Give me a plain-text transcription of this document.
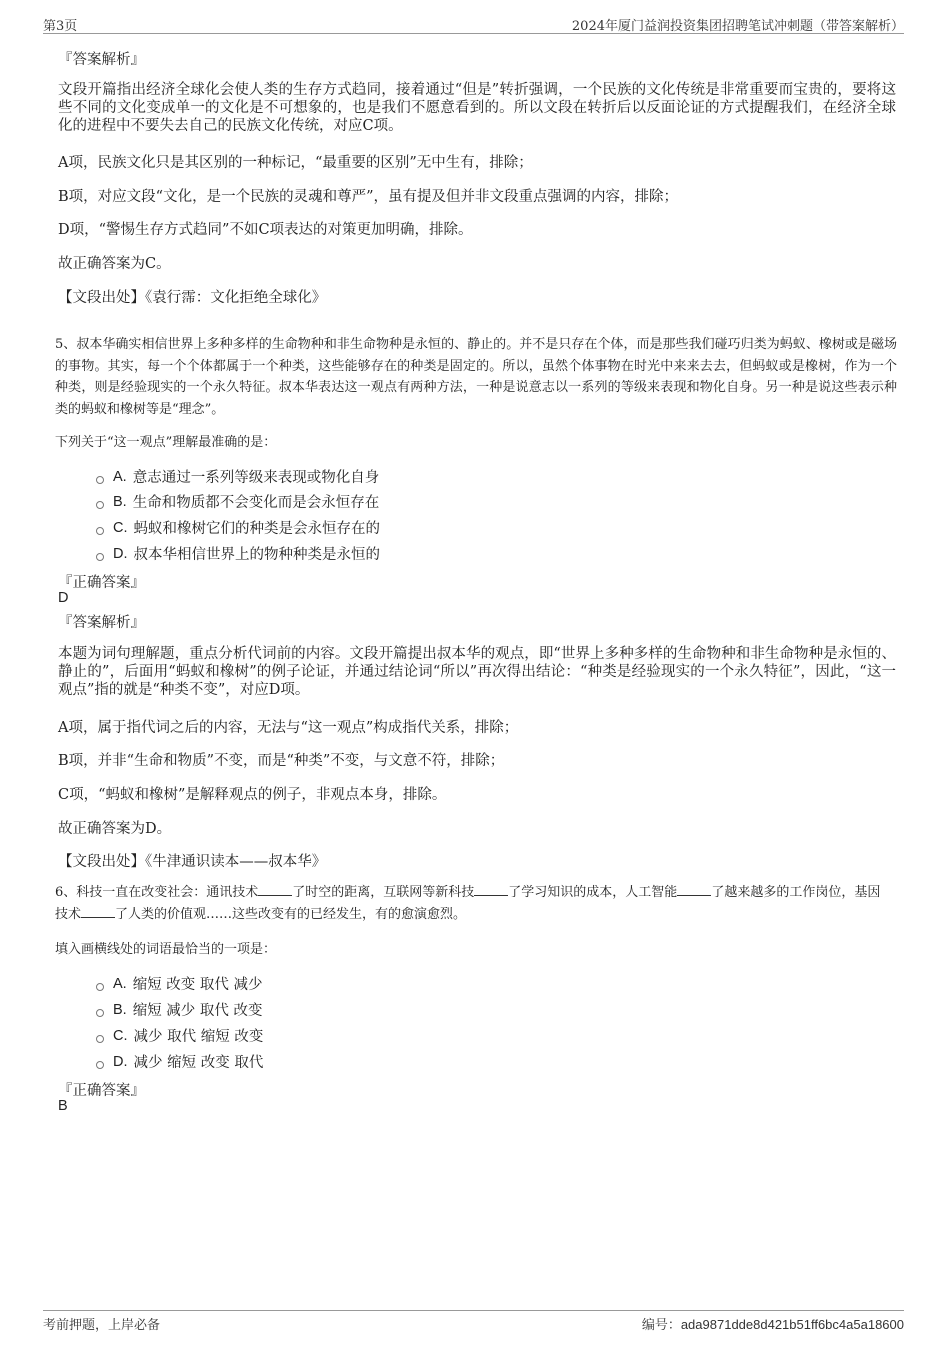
第3页	2024年厦门益润投资集团招聘笔试冲刺题（带答案解析）
『答案解析』
文段开篇指出经济全球化会使人类的生存方式趋同，接着通过“但是”转折强调，一个民族的文化传统是非常重要而宝贵的，要将这些不同的文化变成单一的文化是不可想象的，也是我们不愿意看到的。所以文段在转折后以反面论证的方式提醒我们，在经济全球化的进程中不要失去自己的民族文化传统，对应C项。
A项，民族文化只是其区别的一种标记，“最重要的区别”无中生有，排除；
B项，对应文段“文化，是一个民族的灵魂和尊严”，虽有提及但并非文段重点强调的内容，排除；
D项，“警惕生存方式趋同”不如C项表达的对策更加明确，排除。
故正确答案为C。
【文段出处】《袁行霈：文化拒绝全球化》
5、叔本华确实相信世界上多种多样的生命物种和非生命物种是永恒的、静止的。并不是只存在个体，而是那些我们碰巧归类为蚂蚁、橡树或是磁场的事物。其实，每一个个体都属于一个种类，这些能够存在的种类是固定的。所以，虽然个体事物在时光中来来去去，但蚂蚁或是橡树，作为一个种类，则是经验现实的一个永久特征。叔本华表达这一观点有两种方法，一种是说意志以一系列的等级来表现和物化自身。另一种是说这些表示种类的蚂蚁和橡树等是“理念”。
下列关于“这一观点”理解最准确的是：
A. 意志通过一系列等级来表现或物化自身
B. 生命和物质都不会变化而是会永恒存在
C. 蚂蚁和橡树它们的种类是会永恒存在的
D. 叔本华相信世界上的物种种类是永恒的
『正确答案』
D
『答案解析』
本题为词句理解题，重点分析代词前的内容。文段开篇提出叔本华的观点，即“世界上多种多样的生命物种和非生命物种是永恒的、静止的”，后面用“蚂蚁和橡树”的例子论证，并通过结论词“所以”再次得出结论：“种类是经验现实的一个永久特征”，因此，“这一观点”指的就是“种类不变”，对应D项。
A项，属于指代词之后的内容，无法与“这一观点”构成指代关系，排除；
B项，并非“生命和物质”不变，而是“种类”不变，与文意不符，排除；
C项，“蚂蚁和橡树”是解释观点的例子，非观点本身，排除。
故正确答案为D。
【文段出处】《牛津通识读本——叔本华》
6、科技一直在改变社会：通讯技术	了时空的距离，互联网等新科技	了学习知识的成本，人工智能	了越来越多的工作岗位，基因
技术	了人类的价值观……这些改变有的已经发生，有的愈演愈烈。
填入画横线处的词语最恰当的一项是：
A. 缩短 改变 取代 减少
B. 缩短 减少 取代 改变
C. 减少 取代 缩短 改变
D. 减少 缩短 改变 取代
『正确答案』
B
考前押题，上岸必备	编号：ada9871dde8d421b51ff6bc4a5a18600
